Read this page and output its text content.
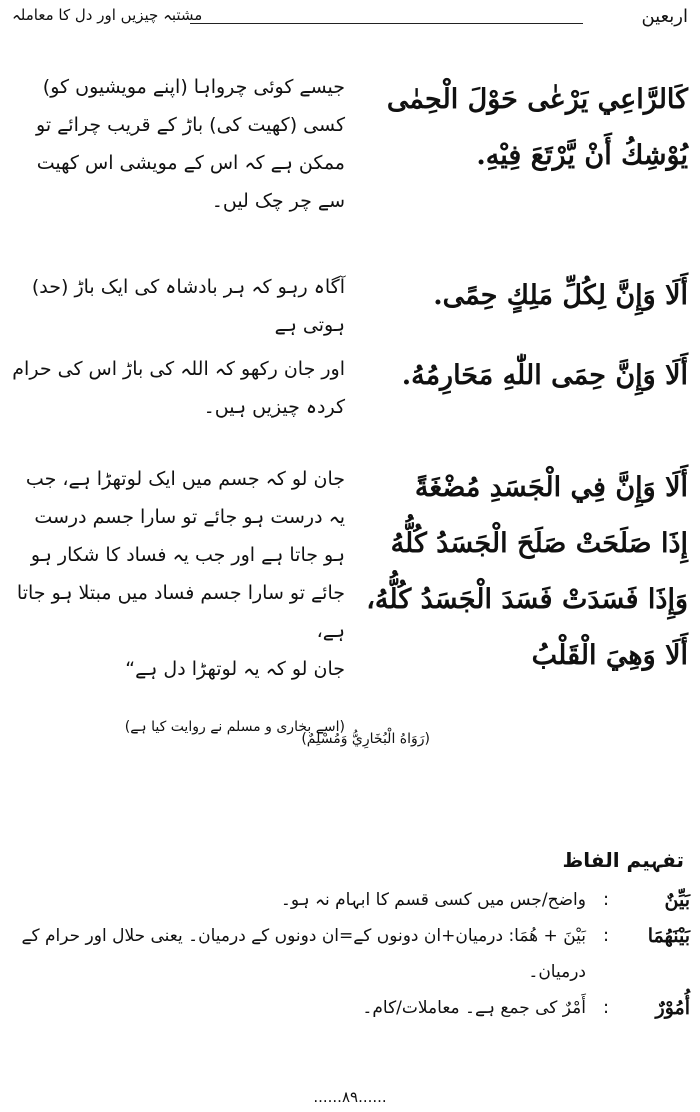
اربعین
مشتبہ چیزیں اور دل کا معاملہ

كَالرَّاعِي يَرْعٰى حَوْلَ الْحِمٰى

يُوْشِكُ أَنْ يَّرْتَعَ فِيْهِ.

أَلَا وَإِنَّ لِكُلِّ مَلِكٍ حِمًى.

أَلَا وَإِنَّ حِمَى اللّٰهِ مَحَارِمُهُ.

أَلَا وَإِنَّ فِي الْجَسَدِ مُضْغَةً

إِذَا صَلَحَتْ صَلَحَ الْجَسَدُ كُلُّهُ

وَإِذَا فَسَدَتْ فَسَدَ الْجَسَدُ كُلُّهُ،

أَلَا وَهِيَ الْقَلْبُ

(رَوَاهُ الْبُخَارِيُّ وَمُسْلِمٌ)

جیسے کوئی چرواہا (اپنے مویشیوں کو) کسی (کھیت کی) باڑ کے قریب چرائے تو ممکن ہے کہ اس کے مویشی اس کھیت سے چر چک لیں۔

آگاہ رہو کہ ہر بادشاہ کی ایک باڑ (حد) ہوتی ہے

اور جان رکھو کہ اللہ کی باڑ اس کی حرام کردہ چیزیں ہیں۔

جان لو کہ جسم میں ایک لوتھڑا ہے، جب یہ درست ہو جائے تو سارا جسم درست ہو جاتا ہے اور جب یہ فساد کا شکار ہو جائے تو سارا جسم فساد میں مبتلا ہو جاتا ہے،

جان لو کہ یہ لوتھڑا دل ہے“

(اسے بخاری و مسلم نے روایت کیا ہے)

تفہیم الفاظ
بَيِّنٌ
:
واضح/جس میں کسی قسم کا ابہام نہ ہو۔
بَيْنَهُمَا
:
بَيْنَ + هُمَا: درمیان+ان دونوں کے=ان دونوں کے درمیان۔ یعنی حلال اور حرام کے درمیان۔
أُمُوْرٌ
:
أَمْرٌ کی جمع ہے۔ معاملات/کام۔
......٨٩......
